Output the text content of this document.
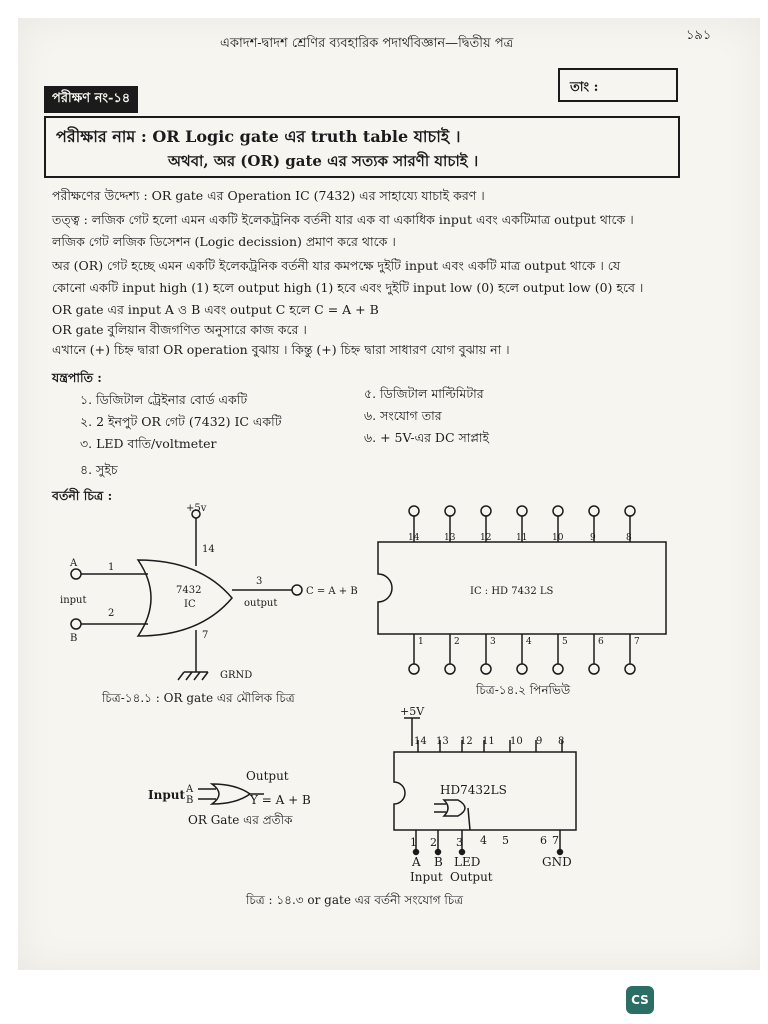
একাদশ-দ্বাদশ শ্রেণির ব্যবহারিক পদার্থবিজ্ঞান—দ্বিতীয় পত্র
১৯১
পরীক্ষণ নং-১৪
তাং :
পরীক্ষার নাম : OR Logic gate এর truth table যাচাই ।
অথবা, অর (OR) gate এর সত্যক সারণী যাচাই ।
পরীক্ষণের উদ্দেশ্য : OR gate এর Operation IC (7432) এর সাহায্যে যাচাই করণ ।
তত্ত্ব : লজিক গেট হলো এমন একটি ইলেকট্রনিক বর্তনী যার এক বা একাধিক input এবং একটিমাত্র output থাকে ।
লজিক গেট লজিক ডিসেশন (Logic decission) প্রমাণ করে থাকে ।
অর (OR) গেট হচ্ছে এমন একটি ইলেকট্রনিক বর্তনী যার কমপক্ষে দুইটি input এবং একটি মাত্র output থাকে । যে
কোনো একটি input high (1) হলে output high (1) হবে এবং দুইটি input low (0) হলে output low (0) হবে ।
OR gate এর input A ও B এবং output C হলে C = A + B
OR gate বুলিয়ান বীজগণিত অনুসারে কাজ করে ।
এখানে (+) চিহ্ন দ্বারা OR operation বুঝায় । কিন্তু (+) চিহ্ন দ্বারা সাধারণ যোগ বুঝায় না ।
যন্ত্রপাতি :
১. ডিজিটাল ট্রেইনার বোর্ড একটি
২. 2 ইনপুট OR গেট (7432) IC একটি
৩. LED বাতি/voltmeter
৪. সুইচ
৫. ডিজিটাল মাল্টিমিটার
৬. সংযোগ তার
৬. + 5V-এর DC সাপ্লাই
বর্তনী চিত্র :
+5v
14
A	1
input
2
B
7432
IC
3
output
C = A + B
7
GRND
চিত্র-১৪.১ : OR gate এর মৌলিক চিত্র
IC : HD 7432 LS
14	13	12	11	10	9	8
1	2	3	4	5	6	7
চিত্র-১৪.২ পিনভিউ
Input A
B
Output
Y = A + B
OR Gate এর প্রতীক
+5V
14 13 12 11 10 9 8
HD7432LS
1 2 3 4 5	6 7
A B LED	GND
Input Output
চিত্র : ১৪.৩ or gate এর বর্তনী সংযোগ চিত্র
CS
